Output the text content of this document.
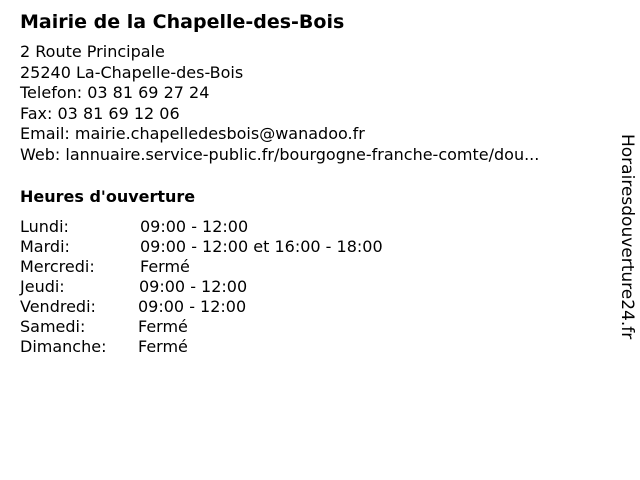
Mairie de la Chapelle-des-Bois
2 Route Principale
25240 La-Chapelle-des-Bois
Telefon: 03 81 69 27 24
Fax: 03 81 69 12 06
Email: mairie.chapelledesbois@wanadoo.fr
Web: lannuaire.service-public.fr/bourgogne-franche-comte/dou...
Heures d'ouverture
Lundi:	09:00 - 12:00
Mardi:	09:00 - 12:00 et 16:00 - 18:00
Mercredi:	Fermé
Jeudi:	09:00 - 12:00
Vendredi:	09:00 - 12:00
Samedi:	Fermé
Dimanche: Fermé
Horairesdouverture24.fr
